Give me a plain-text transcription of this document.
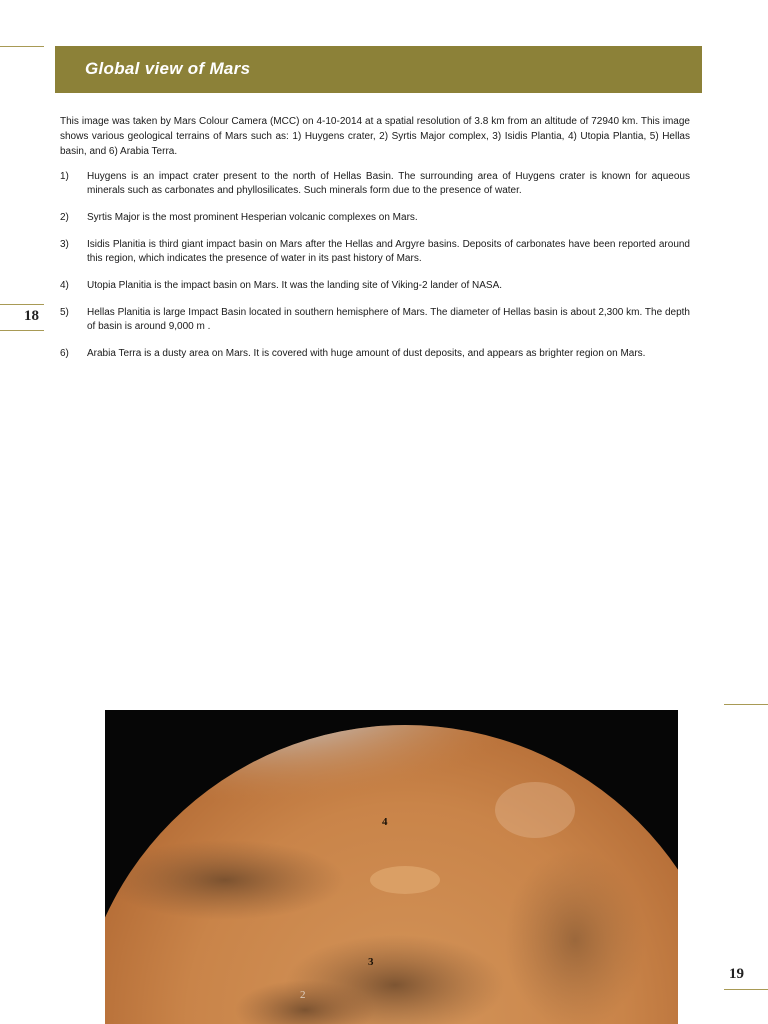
Global view of Mars
This image was taken by Mars Colour Camera (MCC) on 4-10-2014 at a spatial resolution of 3.8 km from an altitude of 72940 km. This image shows various geological terrains of Mars such as: 1) Huygens crater, 2) Syrtis Major complex, 3) Isidis Plantia, 4) Utopia Plantia, 5) Hellas basin, and 6) Arabia Terra.
1)	Huygens is an impact crater present to the north of Hellas Basin. The surrounding area of Huygens crater is known for aqueous minerals such as carbonates and phyllosilicates. Such minerals form due to the presence of water.
2)	Syrtis Major is the most prominent Hesperian volcanic complexes on Mars.
3)	Isidis Planitia is third giant impact basin on Mars after the Hellas and Argyre basins. Deposits of carbonates have been reported around this region, which indicates the presence of water in its past history of Mars.
4)	Utopia Planitia is the impact basin on Mars. It was the landing site of Viking-2 lander of NASA.
5)	Hellas Planitia is large Impact Basin located in southern hemisphere of Mars. The diameter of Hellas basin is about 2,300 km. The depth of basin is around 9,000 m .
6)	Arabia Terra is a dusty area on Mars. It is covered with huge amount of dust deposits, and appears as brighter region on Mars.
18
19
4
3
2
